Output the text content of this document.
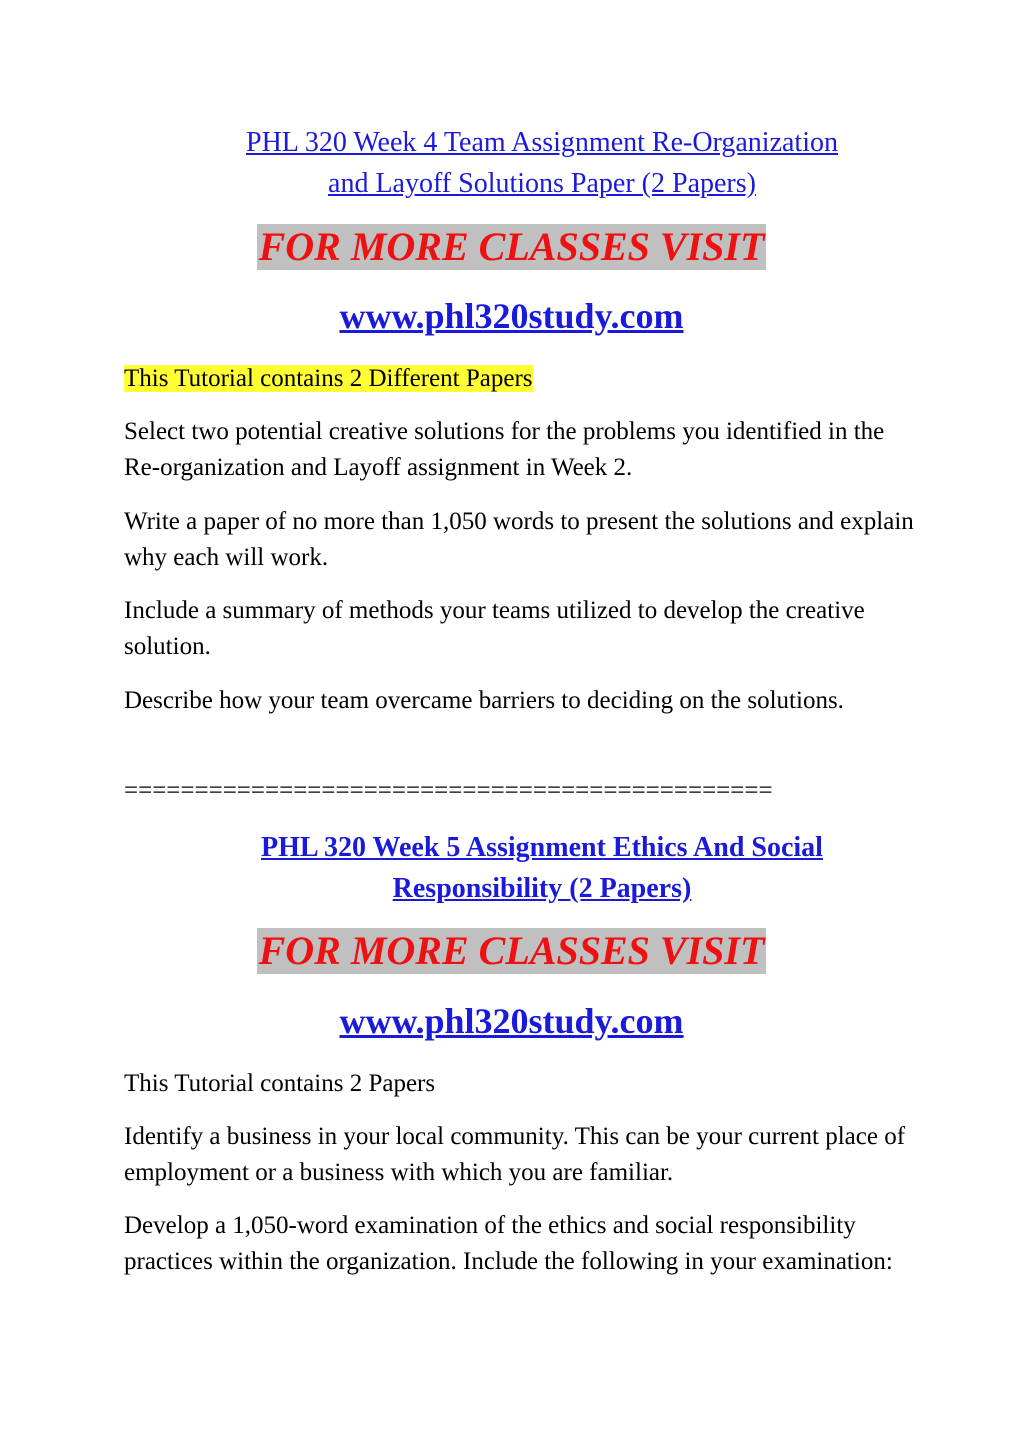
PHL 320 Week 4 Team Assignment Re-Organization
and Layoff Solutions Paper (2 Papers)
FOR MORE CLASSES VISIT
www.phl320study.com

This Tutorial contains 2 Different Papers

Select two potential creative solutions for the problems you identified in the Re-organization and Layoff assignment in Week 2.

Write a paper of no more than 1,050 words to present the solutions and explain why each will work.

Include a summary of methods your teams utilized to develop the creative solution.

Describe how your team overcame barriers to deciding on the solutions.

==============================================
PHL 320 Week 5 Assignment Ethics And Social
Responsibility (2 Papers)
FOR MORE CLASSES VISIT
www.phl320study.com

This Tutorial contains 2 Papers

Identify a business in your local community. This can be your current place of employment or a business with which you are familiar.

Develop a 1,050-word examination of the ethics and social responsibility practices within the organization. Include the following in your examination:
